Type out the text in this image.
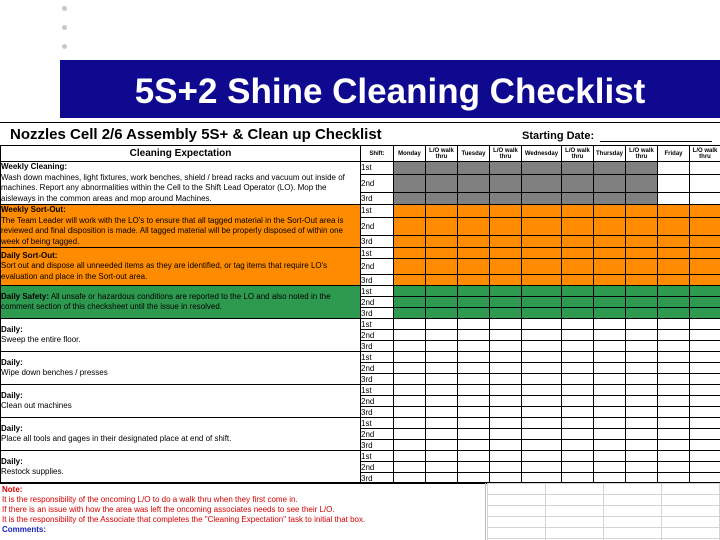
5S+2 Shine Cleaning Checklist
Nozzles Cell 2/6 Assembly 5S+ & Clean up Checklist	Starting Date:
Cleaning Expectation	Shift:	Monday	L/O walk thru	Tuesday	L/O walk thru	Wednesday	L/O walk thru	Thursday	L/O walk thru	Friday	L/O walk thru
Weekly Cleaning:
Wash down machines, light fixtures, work benches, shield / bread racks and vacuum out inside of machines. Report any abnormalities within the Cell to the Shift Lead Operator (LO). Mop the aisleways in the common areas and mop around Machines.	1st										
	2nd										
	3rd										
Weekly Sort-Out:
The Team Leader will work with the LO's to ensure that all tagged material in the Sort-Out area is reviewed and final disposition is made. All tagged material will be properly disposed of within one week of being tagged.	1st										
	2nd										
	3rd										
Daily Sort-Out:
Sort out and dispose all unneeded items as they are identified, or tag items that require LO's evaluation and place in the Sort-out area.	1st										
	2nd										
	3rd										
Daily Safety: All unsafe or hazardous conditions are reported to the LO and also noted in the comment section of this checksheet until the issue in resolved.	1st										
	2nd										
	3rd										
Daily:
Sweep the entire floor.	1st										
	2nd										
	3rd										
Daily:
Wipe down benches / presses	1st										
	2nd										
	3rd										
Daily:
Clean out machines	1st										
	2nd										
	3rd										
Daily:
Place all tools and gages in their designated place at end of shift.	1st										
	2nd										
	3rd										
Daily:
Restock supplies.	1st										
	2nd										
	3rd										
Note:
It is the responsibility of the oncoming L/O to do a walk thru when they first come in.
If there is an issue with how the area was left the oncoming associates needs to see their L/O.
It is the responsibility of the Associate that completes the "Cleaning Expectation" task to initial that box.
Comments:
